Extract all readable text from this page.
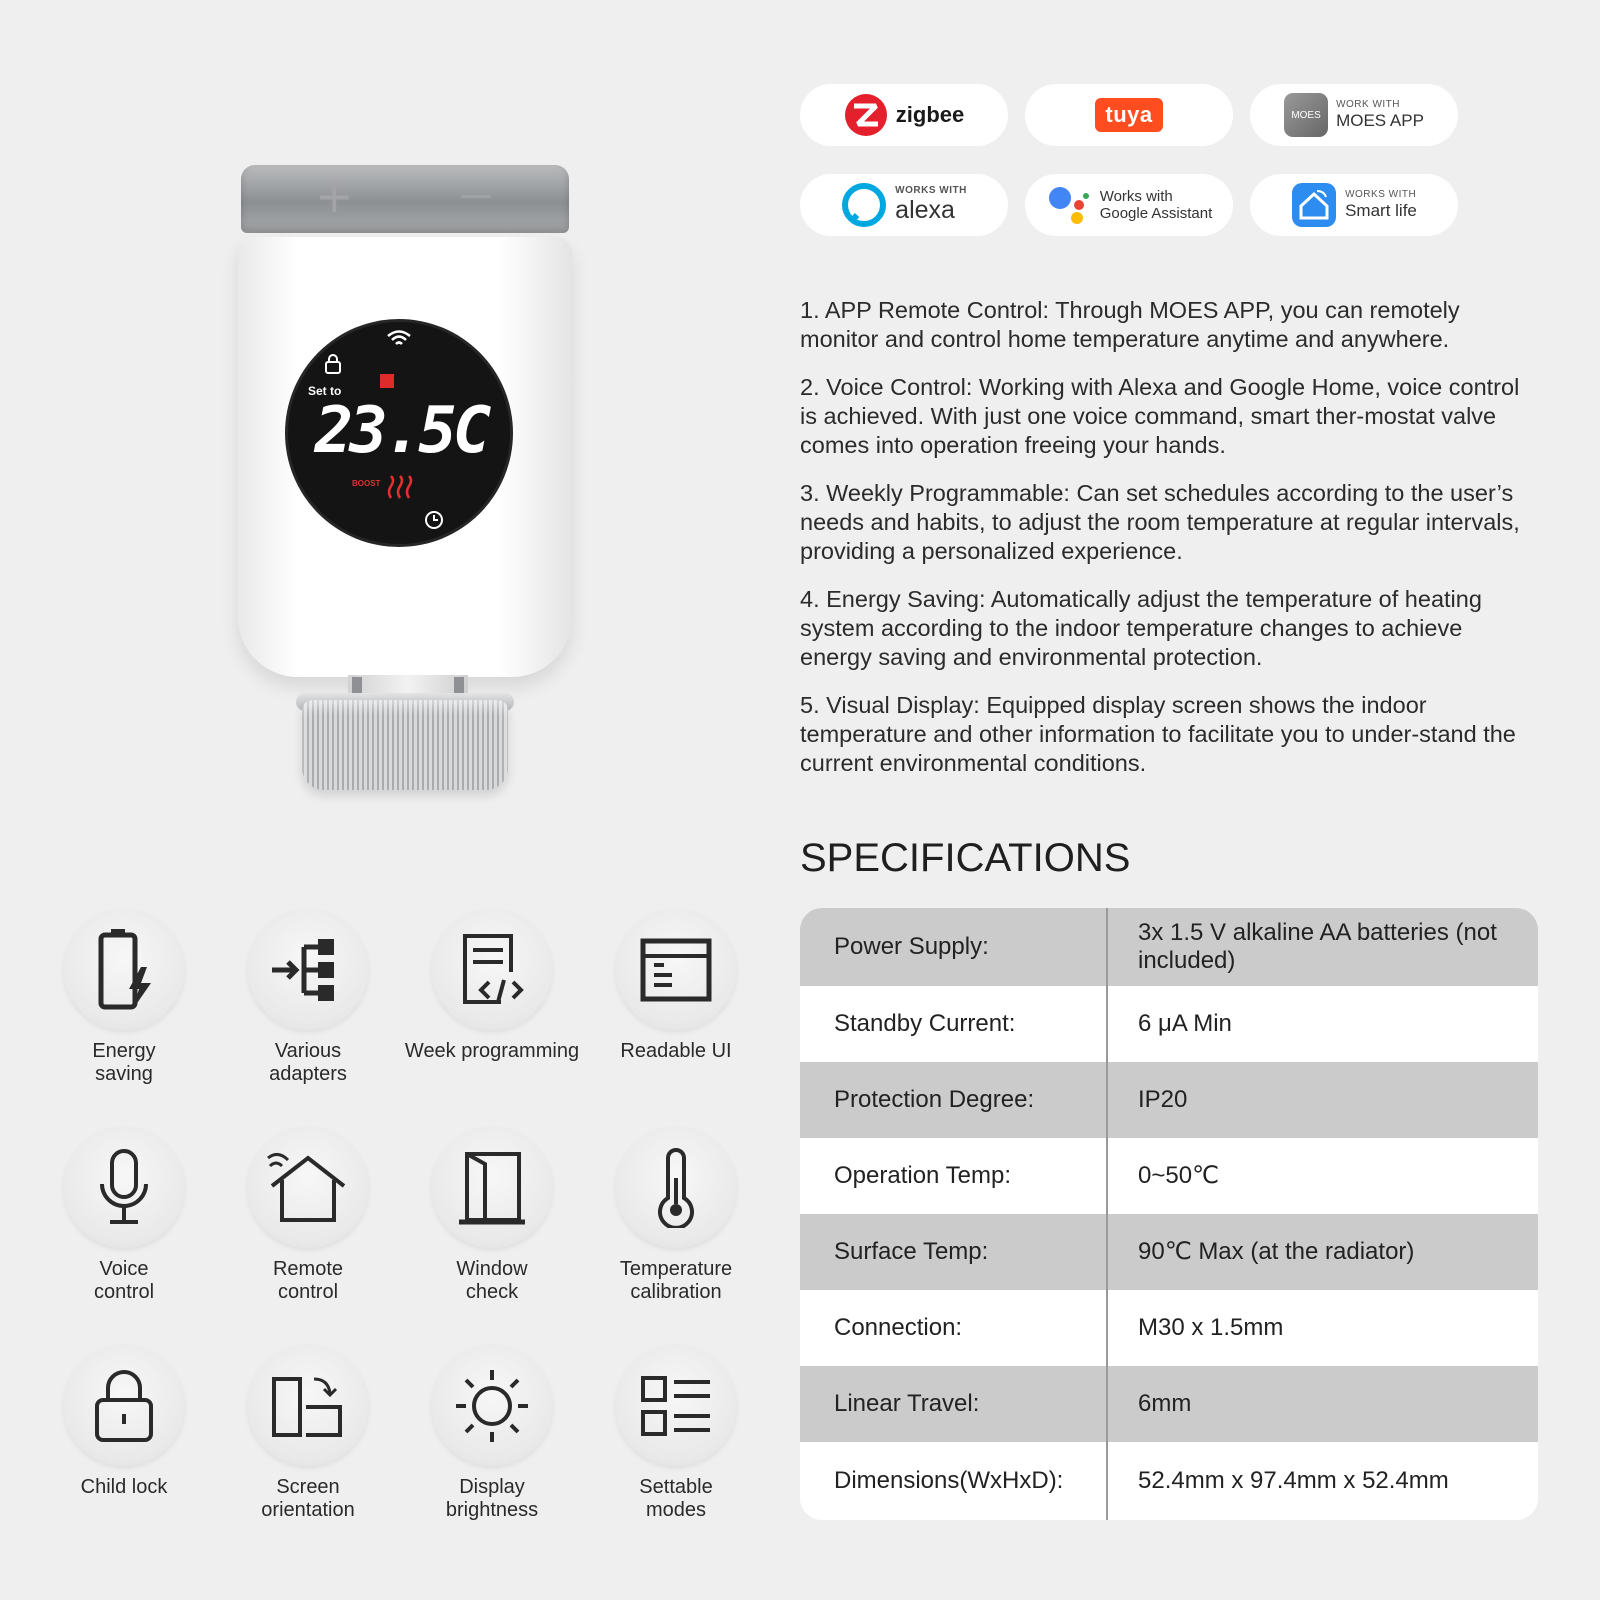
+
Set to
23.5C
BOOST
zigbee	tuya	MOES
WORK WITH
MOES APP
WORKS WITH
alexa
Works with
Google Assistant
WORKS WITH
Smart life

1. APP Remote Control: Through MOES APP, you can remotely monitor and control home temperature anytime and anywhere.

2. Voice Control: Working with Alexa and Google Home, voice control is achieved. With just one voice command, smart ther-mostat valve comes into operation freeing your hands.

3. Weekly Programmable: Can set schedules according to the user’s needs and habits, to adjust the room temperature at regular intervals, providing a personalized experience.

4. Energy Saving: Automatically adjust the temperature of heating system according to the indoor temperature changes to achieve energy saving and environmental protection.

5. Visual Display: Equipped display screen shows the indoor temperature and other information to facilitate you to under-stand the current environmental conditions.

SPECIFICATIONS
Power Supply:
3x 1.5 V alkaline AA batteries (not included)
Standby Current:	6 μA Min
Protection Degree:	IP20
Operation Temp:	0~50℃
Surface Temp:	90℃ Max (at the radiator)
Connection:	M30 x 1.5mm
Linear Travel:	6mm
Dimensions(WxHxD):	52.4mm x 97.4mm x 52.4mm
Energy saving
Various adapters
Week programming	Readable UI
Voice control
Remote control
Window check
Temperature calibration
Child lock	Screen orientation
Display brightness
Settable modes
